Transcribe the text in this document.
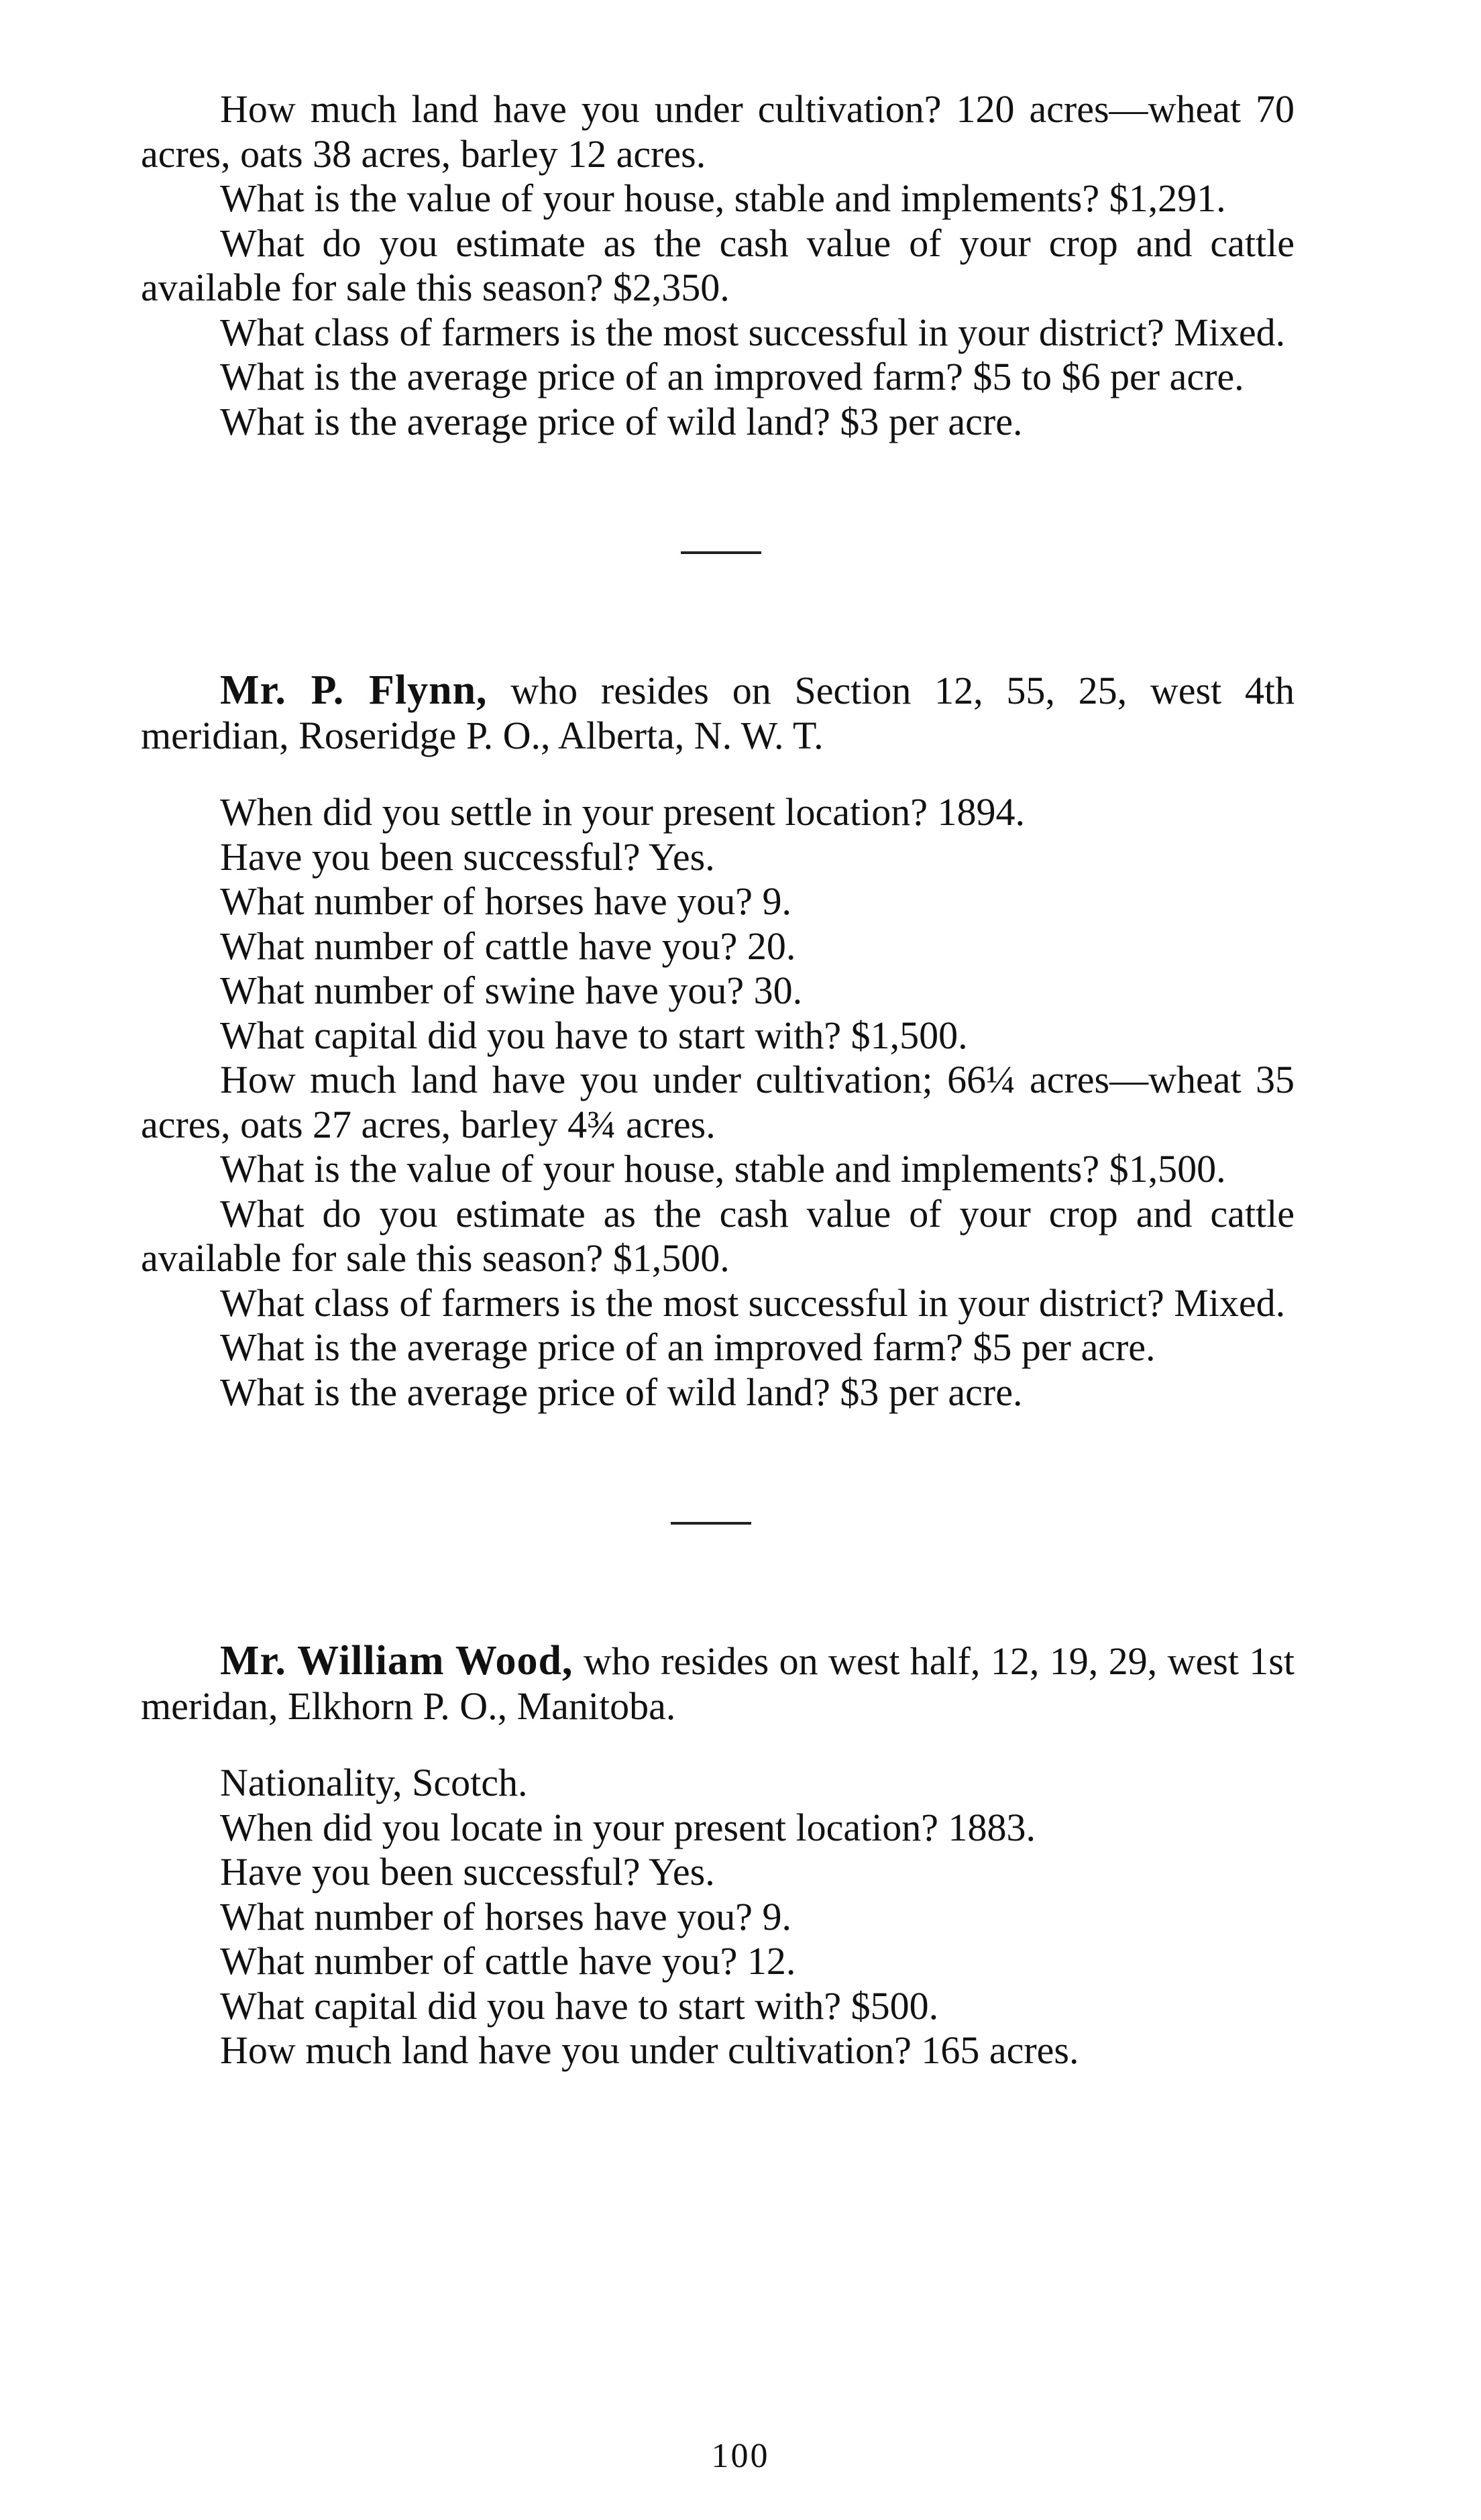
How much land have you under cultivation? 120 acres—wheat 70 acres, oats 38 acres, barley 12 acres.

What is the value of your house, stable and implements? $1,291.

What do you estimate as the cash value of your crop and cattle available for sale this season? $2,350.

What class of farmers is the most successful in your district? Mixed.

What is the average price of an improved farm? $5 to $6 per acre.

What is the average price of wild land? $3 per acre.

Mr. P. Flynn, who resides on Section 12, 55, 25, west 4th meridian, Roseridge P. O., Alberta, N. W. T.

When did you settle in your present location? 1894.

Have you been successful? Yes.

What number of horses have you? 9.

What number of cattle have you? 20.

What number of swine have you? 30.

What capital did you have to start with? $1,500.

How much land have you under cultivation; 66¼ acres—wheat 35 acres, oats 27 acres, barley 4¾ acres.

What is the value of your house, stable and implements? $1,500.

What do you estimate as the cash value of your crop and cattle available for sale this season? $1,500.

What class of farmers is the most successful in your district? Mixed.

What is the average price of an improved farm? $5 per acre.

What is the average price of wild land? $3 per acre.

Mr. William Wood, who resides on west half, 12, 19, 29, west 1st meridan, Elkhorn P. O., Manitoba.

Nationality, Scotch.

When did you locate in your present location? 1883.

Have you been successful? Yes.

What number of horses have you? 9.

What number of cattle have you? 12.

What capital did you have to start with? $500.

How much land have you under cultivation? 165 acres.

100
